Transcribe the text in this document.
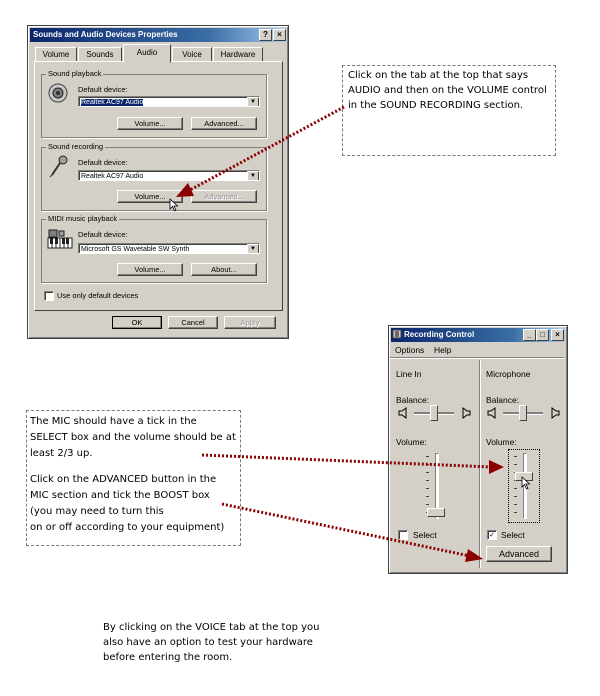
Sounds and Audio Devices Properties	?	×
Volume	Sounds	Audio	Voice	Hardware
Sound playback
Default device:
Realtek AC97 Audio	▼
Volume...	Advanced...
Sound recording
Default device:
Realtek AC97 Audio	▼
Volume...	Advanced...
MIDI music playback
Default device:
Microsoft GS Wavetable SW Synth	▼
Volume...	About...
Use only default devices
OK	Cancel	Apply
Click on the tab at the top that says AUDIO and then on the VOLUME control in the SOUND RECORDING section.
Recording Control	_	□	×
Options Help
Line In
Balance:
Volume:
Select
Microphone
Balance:
Volume:
✓ Select
Advanced
The MIC should have a tick in the SELECT box and the volume should be at least 2/3 up.
Click on the ADVANCED button in the
MIC section and tick the BOOST box
(you may need to turn this
on or off according to your equipment)
By clicking on the VOICE tab at the top you
also have an option to test your hardware
before entering the room.
